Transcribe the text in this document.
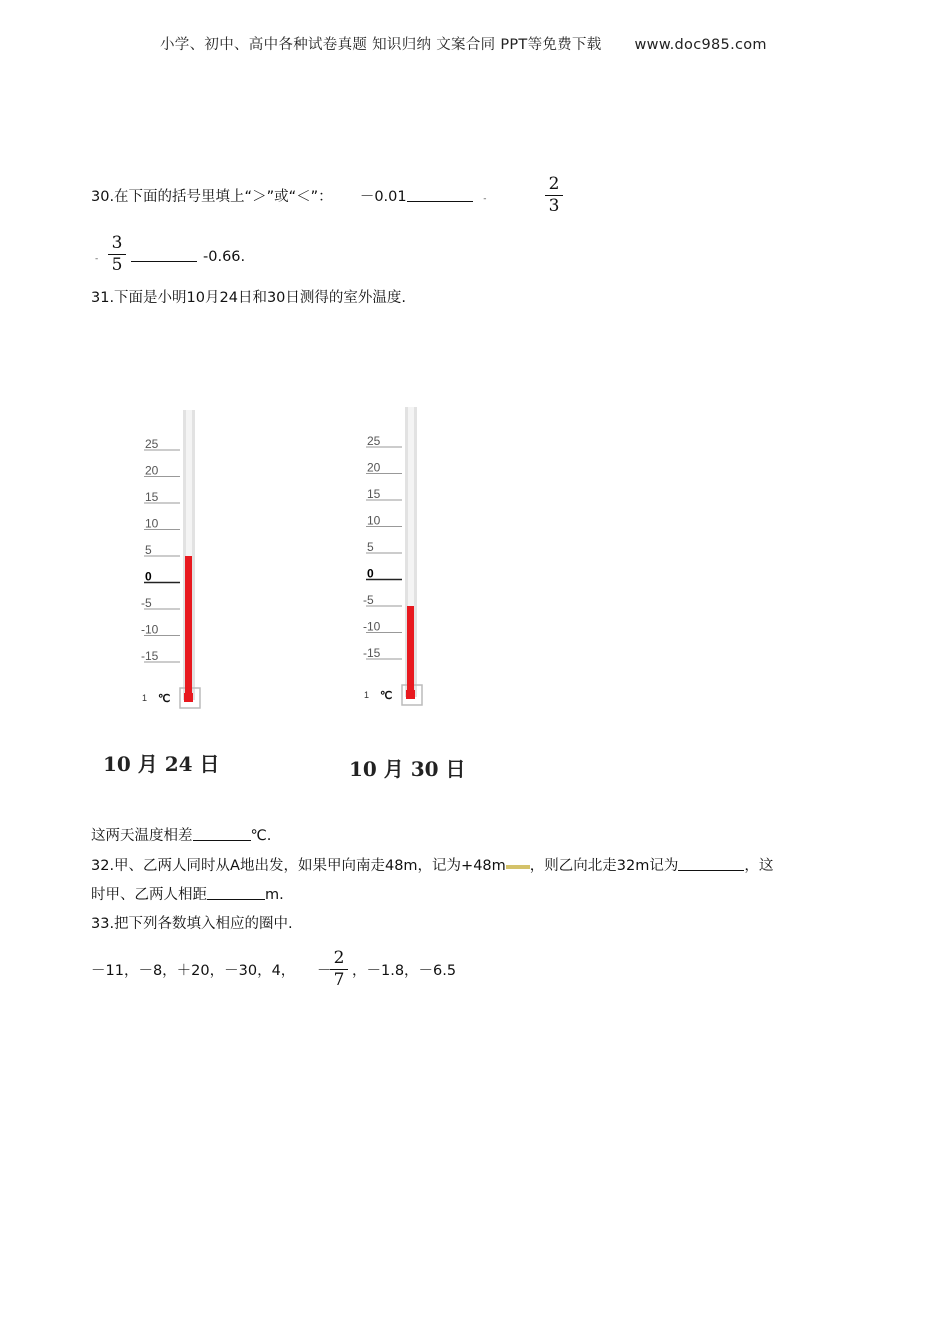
小学、初中、高中各种试卷真题 知识归纳 文案合同 PPT等免费下载 www.doc985.com
30.在下面的括号里填上“＞”或“＜”： －0.01	-
2
3
-
3
5	-0.66.
31.下面是小明10月24日和30日测得的室外温度.
25
20
15
10
5
0
-5
-10
-15
1 ℃
10 月 24 日
25
20
15
10
5
0
-5
-10
-15
1 ℃
10 月 30 日
这两天温度相差	℃.
32.甲、乙两人同时从A地出发，如果甲向南走48m，记为+48m ，则乙向北走32m记为	，这
时甲、乙两人相距	m.
33.把下列各数填入相应的圈中.
－11，－8，＋20，－30，4， －
2
7 ，－1.8，－6.5
